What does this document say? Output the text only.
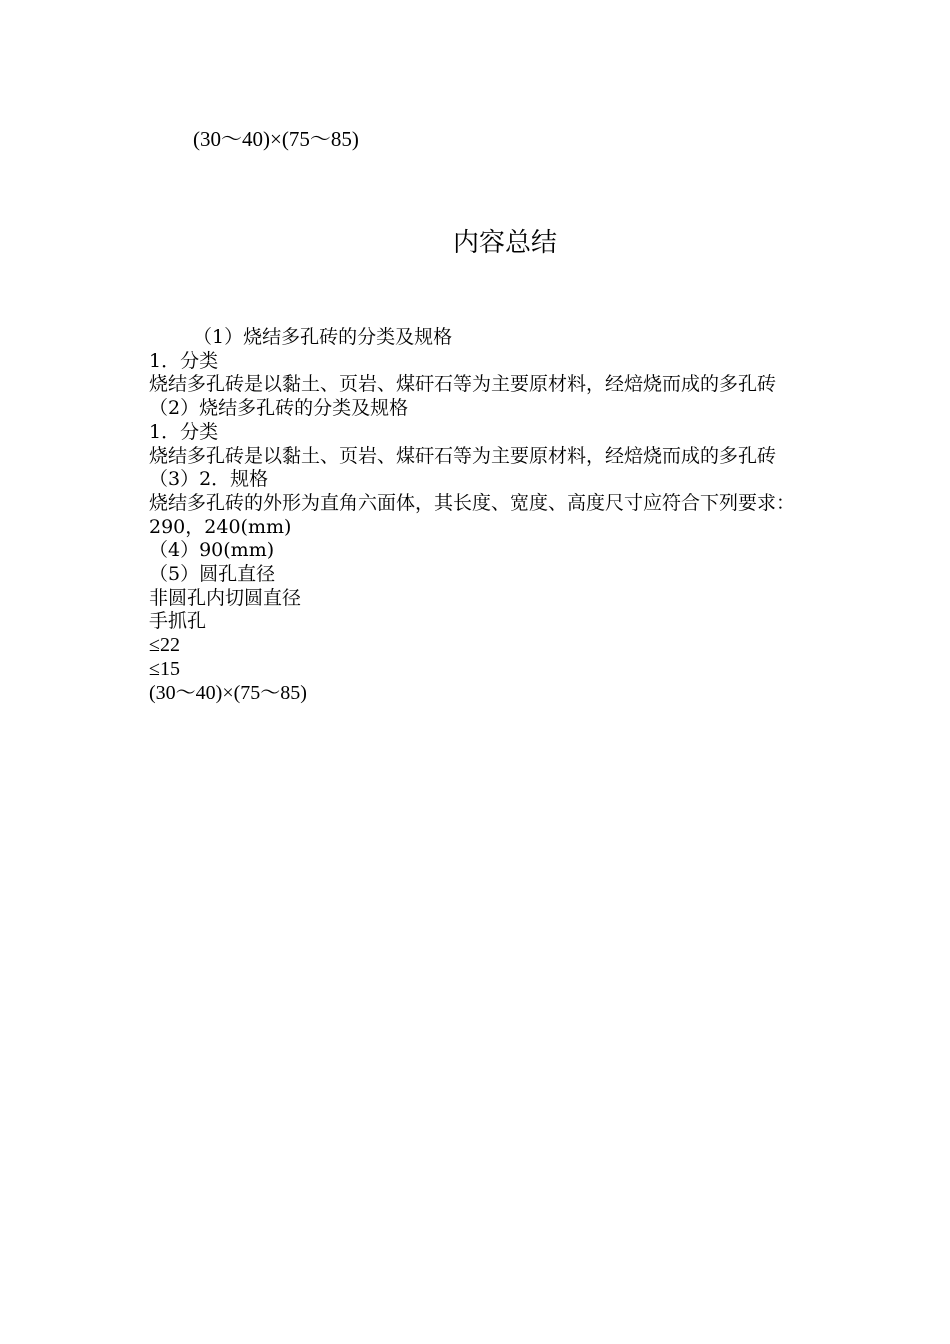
(30～40)×(75～85)
内容总结
（1）烧结多孔砖的分类及规格
1．分类
烧结多孔砖是以黏土、页岩、煤矸石等为主要原材料，经焙烧而成的多孔砖
（2）烧结多孔砖的分类及规格
1．分类
烧结多孔砖是以黏土、页岩、煤矸石等为主要原材料，经焙烧而成的多孔砖
（3）2．规格
烧结多孔砖的外形为直角六面体，其长度、宽度、高度尺寸应符合下列要求：
290，240(mm)
（4）90(mm)
（5）圆孔直径
非圆孔内切圆直径
手抓孔
≤22
≤15
(30～40)×(75～85)
